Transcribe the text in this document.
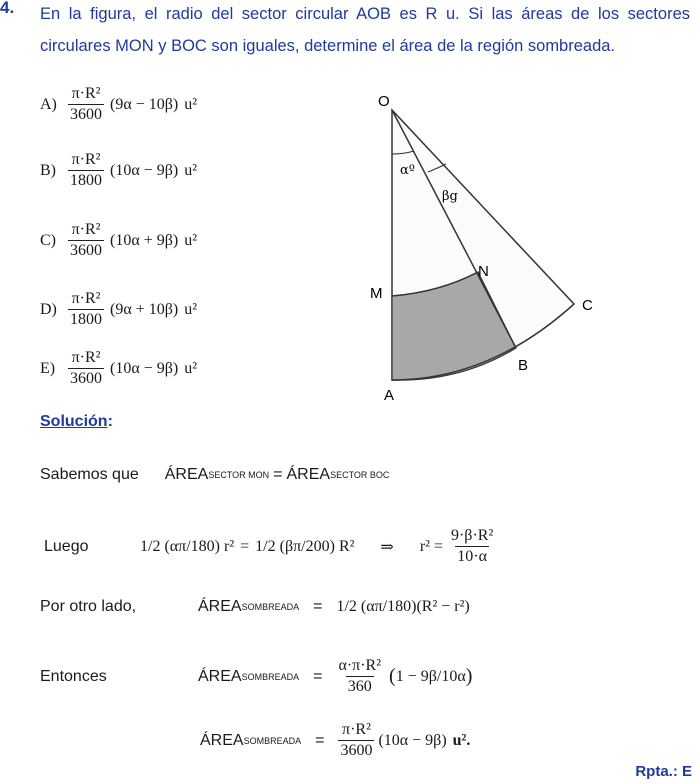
4. En la figura, el radio del sector circular AOB es R u. Si las áreas de los sectores circulares MON y BOC son iguales, determine el área de la región sombreada.
$A) \frac{\text{π·R²}}{3600} (9\alpha - 10\beta)$ u²
$B) \frac{\text{π·R²}}{1800} (10\alpha - 9\beta)$ u²
$C) \frac{\text{π·R²}}{3600} (10\alpha + 9\beta)$ u²
$D) \frac{\text{π·R²}}{1800} (9\alpha + 10\beta)$ u²
$E) \frac{\text{π·R²}}{3600} (10\alpha - 9\beta)$ u²
O
M
N
A
B
C
αº
βg
Solución:
Sabemos que ÁREA SECTOR MON = ÁREA SECTOR BOC
Luego	1/2 (απ/180) r² = 1/2 (βπ/200) R² ⇒ $r^2 = \frac{\text{9·β·R²}}{10\cdot\alpha}$
Por otro lado,	ÁREA SOMBREADA = 1/2 (απ/180)(R² − r²)
Entonces	ÁREA SOMBREADA = $\frac{\text{α·π·R²}}{360}$ ( 1 − 9β/10α )
ÁREA SOMBREADA = $\frac{\text{π·R²}}{3600} (10\alpha - 9\beta)$ u².
Rpta.: E
